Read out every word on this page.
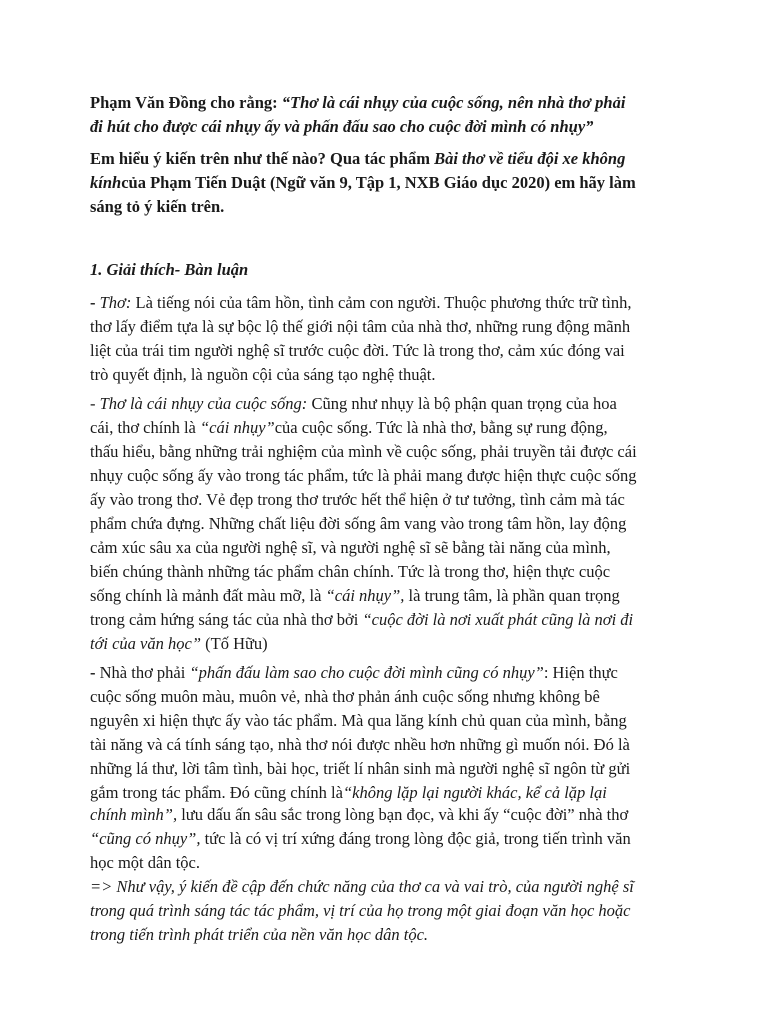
Phạm Văn Đồng cho rằng: “Thơ là cái nhụy của cuộc sống, nên nhà thơ phải
đi hút cho được cái nhụy ấy và phấn đấu sao cho cuộc đời mình có nhụy”
Em hiểu ý kiến trên như thế nào? Qua tác phẩm Bài thơ về tiểu đội xe không
kínhcủa Phạm Tiến Duật (Ngữ văn 9, Tập 1, NXB Giáo dục 2020) em hãy làm
sáng tỏ ý kiến trên.
1. Giải thích- Bàn luận
- Thơ: Là tiếng nói của tâm hồn, tình cảm con người. Thuộc phương thức trữ tình,
thơ lấy điểm tựa là sự bộc lộ thế giới nội tâm của nhà thơ, những rung động mãnh
liệt của trái tim người nghệ sĩ trước cuộc đời. Tức là trong thơ, cảm xúc đóng vai
trò quyết định, là nguồn cội của sáng tạo nghệ thuật.
- Thơ là cái nhụy của cuộc sống: Cũng như nhụy là bộ phận quan trọng của hoa
cái, thơ chính là “cái nhụy”của cuộc sống. Tức là nhà thơ, bằng sự rung động,
thấu hiểu, bằng những trải nghiệm của mình về cuộc sống, phải truyền tải được cái
nhụy cuộc sống ấy vào trong tác phẩm, tức là phải mang được hiện thực cuộc sống
ấy vào trong thơ. Vẻ đẹp trong thơ trước hết thể hiện ở tư tưởng, tình cảm mà tác
phẩm chứa đựng. Những chất liệu đời sống âm vang vào trong tâm hồn, lay động
cảm xúc sâu xa của người nghệ sĩ, và người nghệ sĩ sẽ bằng tài năng của mình,
biến chúng thành những tác phẩm chân chính. Tức là trong thơ, hiện thực cuộc
sống chính là mảnh đất màu mỡ, là “cái nhụy”, là trung tâm, là phần quan trọng
trong cảm hứng sáng tác của nhà thơ bởi “cuộc đời là nơi xuất phát cũng là nơi đi
tới của văn học” (Tố Hữu)
- Nhà thơ phải “phấn đấu làm sao cho cuộc đời mình cũng có nhụy”: Hiện thực
cuộc sống muôn màu, muôn vẻ, nhà thơ phản ánh cuộc sống nhưng không bê
nguyên xi hiện thực ấy vào tác phẩm. Mà qua lăng kính chủ quan của mình, bằng
tài năng và cá tính sáng tạo, nhà thơ nói được nhều hơn những gì muốn nói. Đó là
những lá thư, lời tâm tình, bài học, triết lí nhân sinh mà người nghệ sĩ ngôn từ gửi
gắm trong tác phẩm. Đó cũng chính là“không lặp lại người khác, kể cả lặp lại
chính mình”, lưu dấu ấn sâu sắc trong lòng bạn đọc, và khi ấy “cuộc đời” nhà thơ
“cũng có nhụy”, tức là có vị trí xứng đáng trong lòng độc giả, trong tiến trình văn
học một dân tộc.
=> Như vậy, ý kiến đề cập đến chức năng của thơ ca và vai trò, của người nghệ sĩ
trong quá trình sáng tác tác phẩm, vị trí của họ trong một giai đoạn văn học hoặc
trong tiến trình phát triển của nền văn học dân tộc.
